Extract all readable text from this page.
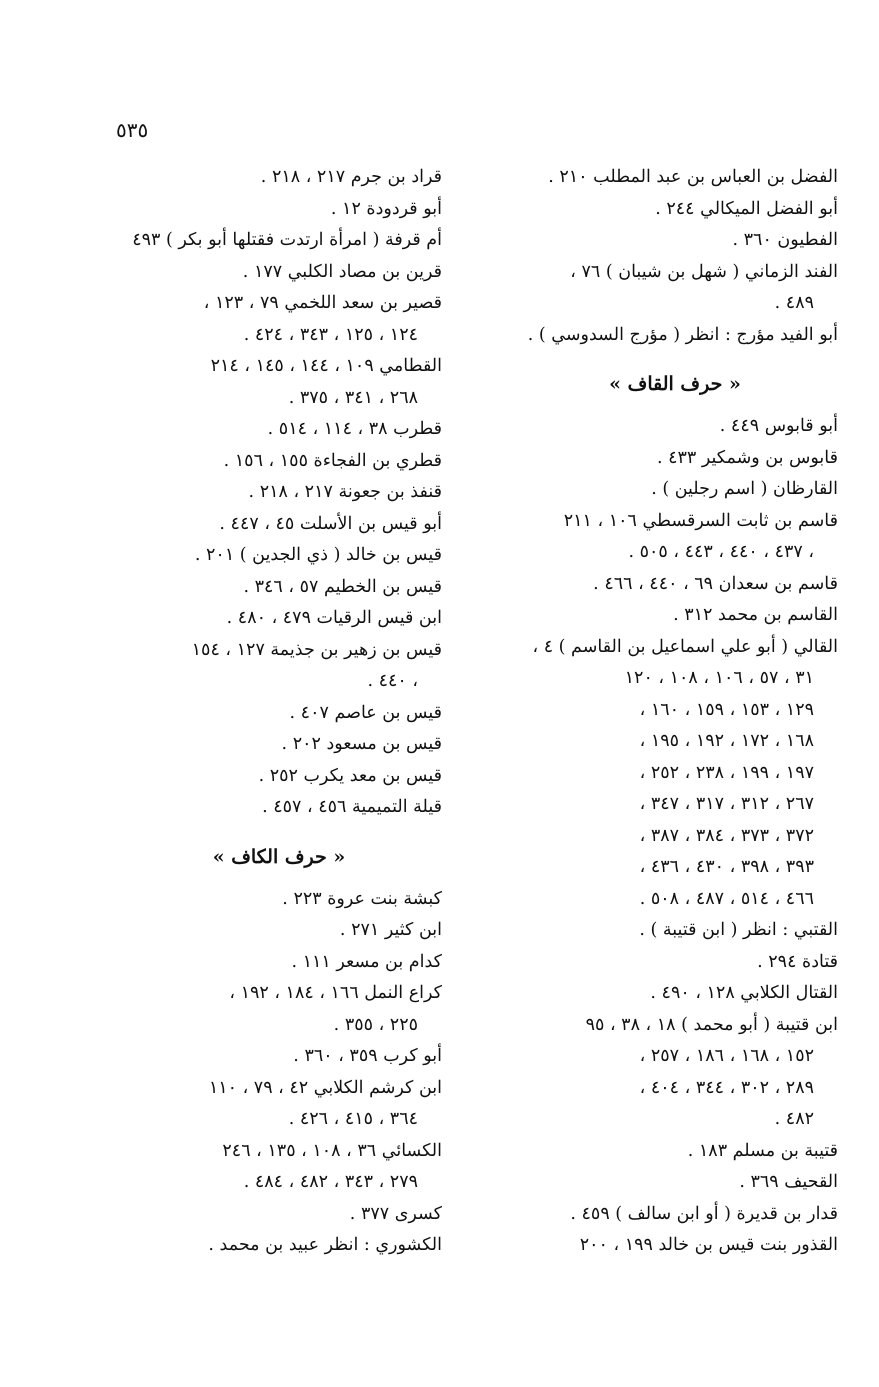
٥٣٥
الفضل بن العباس بن عبد المطلب ٢١٠ .
أبو الفضل الميكالي ٢٤٤ .
الفطيون ٣٦٠ .
الفند الزماني ( شهل بن شيبان ) ٧٦ ،
٤٨٩ .
أبو الفيد مؤرج : انظر ( مؤرج السدوسي ) .
« حرف القاف »
أبو قابوس ٤٤٩ .
قابوس بن وشمكير ٤٣٣ .
القارظان ( اسم رجلين ) .
قاسم بن ثابت السرقسطي ١٠٦ ، ٢١١
، ٤٣٧ ، ٤٤٠ ، ٤٤٣ ، ٥٠٥ .
قاسم بن سعدان ٦٩ ، ٤٤٠ ، ٤٦٦ .
القاسم بن محمد ٣١٢ .
القالي ( أبو علي اسماعيل بن القاسم ) ٤ ،
٣١ ، ٥٧ ، ١٠٦ ، ١٠٨ ، ١٢٠
١٢٩ ، ١٥٣ ، ١٥٩ ، ١٦٠ ،
١٦٨ ، ١٧٢ ، ١٩٢ ، ١٩٥ ،
١٩٧ ، ١٩٩ ، ٢٣٨ ، ٢٥٢ ،
٢٦٧ ، ٣١٢ ، ٣١٧ ، ٣٤٧ ،
٣٧٢ ، ٣٧٣ ، ٣٨٤ ، ٣٨٧ ،
٣٩٣ ، ٣٩٨ ، ٤٣٠ ، ٤٣٦ ،
٤٦٦ ، ٥١٤ ، ٤٨٧ ، ٥٠٨ .
القتبي : انظر ( ابن قتيبة ) .
قتادة ٢٩٤ .
القتال الكلابي ١٢٨ ، ٤٩٠ .
ابن قتيبة ( أبو محمد ) ١٨ ، ٣٨ ، ٩٥
١٥٢ ، ١٦٨ ، ١٨٦ ، ٢٥٧ ،
٢٨٩ ، ٣٠٢ ، ٣٤٤ ، ٤٠٤ ،
٤٨٢ .
قتيبة بن مسلم ١٨٣ .
القحيف ٣٦٩ .
قدار بن قديرة ( أو ابن سالف ) ٤٥٩ .
القذور بنت قيس بن خالد ١٩٩ ، ٢٠٠
قراد بن جرم ٢١٧ ، ٢١٨ .
أبو قردودة ١٢ .
أم قرفة ( امرأة ارتدت فقتلها أبو بكر ) ٤٩٣
قرين بن مصاد الكلبي ١٧٧ .
قصير بن سعد اللخمي ٧٩ ، ١٢٣ ،
١٢٤ ، ١٢٥ ، ٣٤٣ ، ٤٢٤ .
القطامي ١٠٩ ، ١٤٤ ، ١٤٥ ، ٢١٤
٢٦٨ ، ٣٤١ ، ٣٧٥ .
قطرب ٣٨ ، ١١٤ ، ٥١٤ .
قطري بن الفجاءة ١٥٥ ، ١٥٦ .
قنفذ بن جعونة ٢١٧ ، ٢١٨ .
أبو قيس بن الأسلت ٤٥ ، ٤٤٧ .
قيس بن خالد ( ذي الجدين ) ٢٠١ .
قيس بن الخطيم ٥٧ ، ٣٤٦ .
ابن قيس الرقيات ٤٧٩ ، ٤٨٠ .
قيس بن زهير بن جذيمة ١٢٧ ، ١٥٤
، ٤٤٠ .
قيس بن عاصم ٤٠٧ .
قيس بن مسعود ٢٠٢ .
قيس بن معد يكرب ٢٥٢ .
قيلة التميمية ٤٥٦ ، ٤٥٧ .
« حرف الكاف »
كبشة بنت عروة ٢٢٣ .
ابن كثير ٢٧١ .
كدام بن مسعر ١١١ .
كراع النمل ١٦٦ ، ١٨٤ ، ١٩٢ ،
٢٢٥ ، ٣٥٥ .
أبو كرب ٣٥٩ ، ٣٦٠ .
ابن كرشم الكلابي ٤٢ ، ٧٩ ، ١١٠
٣٦٤ ، ٤١٥ ، ٤٢٦ .
الكسائي ٣٦ ، ١٠٨ ، ١٣٥ ، ٢٤٦
٢٧٩ ، ٣٤٣ ، ٤٨٢ ، ٤٨٤ .
كسرى ٣٧٧ .
الكشوري : انظر عبيد بن محمد .
